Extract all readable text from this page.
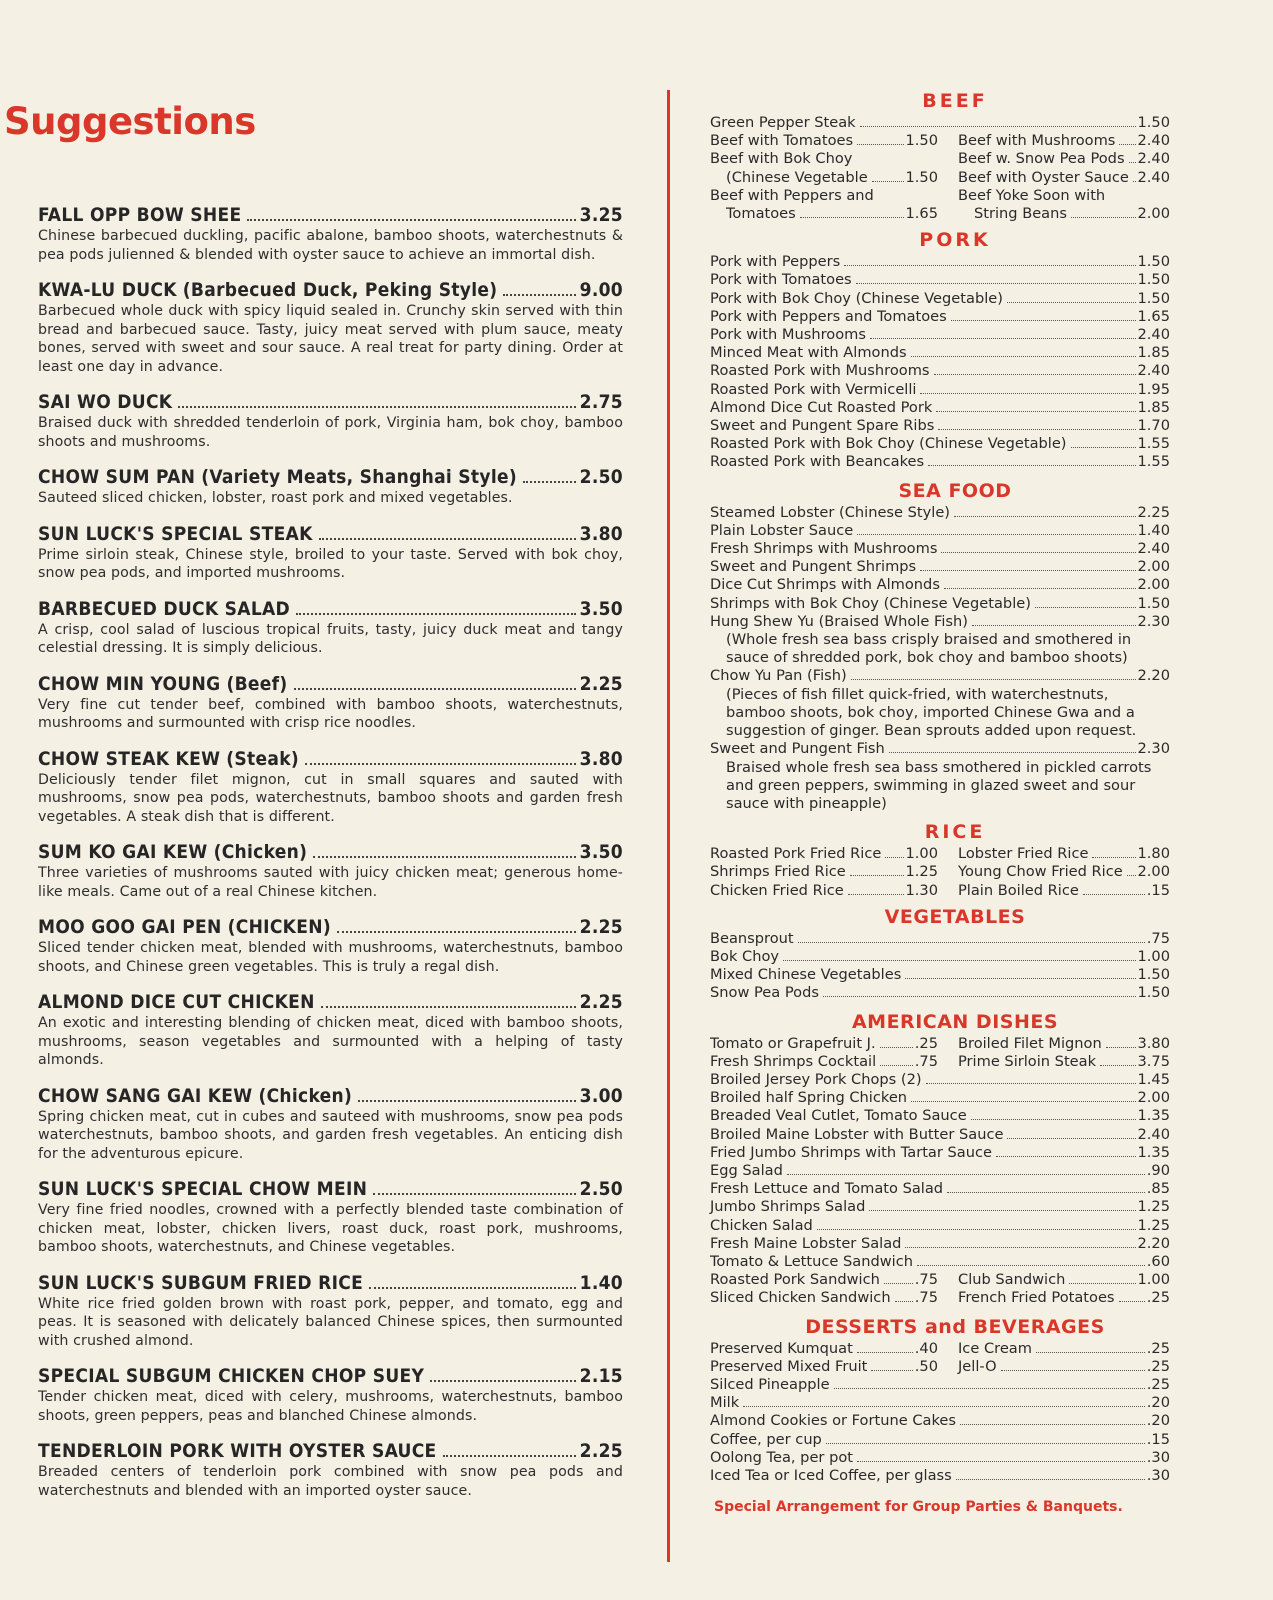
Suggestions
FALL OPP BOW SHEE	3.25
Chinese barbecued duckling, pacific abalone, bamboo shoots, waterchestnuts & pea pods julienned & blended with oyster sauce to achieve an immortal dish.
KWA-LU DUCK (Barbecued Duck, Peking Style)	9.00
Barbecued whole duck with spicy liquid sealed in. Crunchy skin served with thin bread and barbecued sauce. Tasty, juicy meat served with plum sauce, meaty bones, served with sweet and sour sauce. A real treat for party dining. Order at least one day in advance.
SAI WO DUCK	2.75
Braised duck with shredded tenderloin of pork, Virginia ham, bok choy, bamboo shoots and mushrooms.
CHOW SUM PAN (Variety Meats, Shanghai Style)	2.50
Sauteed sliced chicken, lobster, roast pork and mixed vegetables.
SUN LUCK'S SPECIAL STEAK	3.80
Prime sirloin steak, Chinese style, broiled to your taste. Served with bok choy, snow pea pods, and imported mushrooms.
BARBECUED DUCK SALAD	3.50
A crisp, cool salad of luscious tropical fruits, tasty, juicy duck meat and tangy celestial dressing. It is simply delicious.
CHOW MIN YOUNG (Beef)	2.25
Very fine cut tender beef, combined with bamboo shoots, waterchestnuts, mushrooms and surmounted with crisp rice noodles.
CHOW STEAK KEW (Steak)	3.80
Deliciously tender filet mignon, cut in small squares and sauted with mushrooms, snow pea pods, waterchestnuts, bamboo shoots and garden fresh vegetables. A steak dish that is different.
SUM KO GAI KEW (Chicken)	3.50
Three varieties of mushrooms sauted with juicy chicken meat; generous home-like meals. Came out of a real Chinese kitchen.
MOO GOO GAI PEN (CHICKEN)	2.25
Sliced tender chicken meat, blended with mushrooms, waterchestnuts, bamboo shoots, and Chinese green vegetables. This is truly a regal dish.
ALMOND DICE CUT CHICKEN	2.25
An exotic and interesting blending of chicken meat, diced with bamboo shoots, mushrooms, season vegetables and surmounted with a helping of tasty almonds.
CHOW SANG GAI KEW (Chicken)	3.00
Spring chicken meat, cut in cubes and sauteed with mushrooms, snow pea pods waterchestnuts, bamboo shoots, and garden fresh vegetables. An enticing dish for the adventurous epicure.
SUN LUCK'S SPECIAL CHOW MEIN	2.50
Very fine fried noodles, crowned with a perfectly blended taste combination of chicken meat, lobster, chicken livers, roast duck, roast pork, mushrooms, bamboo shoots, waterchestnuts, and Chinese vegetables.
SUN LUCK'S SUBGUM FRIED RICE	1.40
White rice fried golden brown with roast pork, pepper, and tomato, egg and peas. It is seasoned with delicately balanced Chinese spices, then surmounted with crushed almond.
SPECIAL SUBGUM CHICKEN CHOP SUEY	2.15
Tender chicken meat, diced with celery, mushrooms, waterchestnuts, bamboo shoots, green peppers, peas and blanched Chinese almonds.
TENDERLOIN PORK WITH OYSTER SAUCE	2.25
Breaded centers of tenderloin pork combined with snow pea pods and waterchestnuts and blended with an imported oyster sauce.
BEEF
Green Pepper Steak	1.50
Beef with Tomatoes	1.50
Beef with Bok Choy
(Chinese Vegetable	1.50
Beef with Peppers and
Tomatoes	1.65
Beef with Mushrooms 2.40
Beef w. Snow Pea Pods 2.40
Beef with Oyster Sauce 2.40
Beef Yoke Soon with
String Beans	2.00
PORK
Pork with Peppers	1.50
Pork with Tomatoes	1.50
Pork with Bok Choy (Chinese Vegetable)	1.50
Pork with Peppers and Tomatoes	1.65
Pork with Mushrooms	2.40
Minced Meat with Almonds	1.85
Roasted Pork with Mushrooms	2.40
Roasted Pork with Vermicelli	1.95
Almond Dice Cut Roasted Pork	1.85
Sweet and Pungent Spare Ribs	1.70
Roasted Pork with Bok Choy (Chinese Vegetable)	1.55
Roasted Pork with Beancakes	1.55
SEA FOOD
Steamed Lobster (Chinese Style)	2.25
Plain Lobster Sauce	1.40
Fresh Shrimps with Mushrooms	2.40
Sweet and Pungent Shrimps	2.00
Dice Cut Shrimps with Almonds	2.00
Shrimps with Bok Choy (Chinese Vegetable)	1.50
Hung Shew Yu (Braised Whole Fish)	2.30
(Whole fresh sea bass crisply braised and smothered in sauce of shredded pork, bok choy and bamboo shoots)
Chow Yu Pan (Fish)	2.20
(Pieces of fish fillet quick-fried, with waterchestnuts, bamboo shoots, bok choy, imported Chinese Gwa and a suggestion of ginger. Bean sprouts added upon request.
Sweet and Pungent Fish	2.30
Braised whole fresh sea bass smothered in pickled carrots and green peppers, swimming in glazed sweet and sour sauce with pineapple)
RICE
Roasted Pork Fried Rice 1.00
Shrimps Fried Rice	1.25
Chicken Fried Rice	1.30
Lobster Fried Rice	1.80
Young Chow Fried Rice 2.00
Plain Boiled Rice	.15
VEGETABLES
Beansprout	.75
Bok Choy	1.00
Mixed Chinese Vegetables	1.50
Snow Pea Pods	1.50
AMERICAN DISHES
Tomato or Grapefruit J.	.25
Fresh Shrimps Cocktail	.75
Broiled Filet Mignon 3.80
Prime Sirloin Steak	3.75
Broiled Jersey Pork Chops (2)	1.45
Broiled half Spring Chicken	2.00
Breaded Veal Cutlet, Tomato Sauce	1.35
Broiled Maine Lobster with Butter Sauce	2.40
Fried Jumbo Shrimps with Tartar Sauce	1.35
Egg Salad	.90
Fresh Lettuce and Tomato Salad	.85
Jumbo Shrimps Salad	1.25
Chicken Salad	1.25
Fresh Maine Lobster Salad	2.20
Tomato & Lettuce Sandwich	.60
Roasted Pork Sandwich .75
Sliced Chicken Sandwich .75
Club Sandwich	1.00
French Fried Potatoes .25
DESSERTS and BEVERAGES
Preserved Kumquat	.40
Preserved Mixed Fruit	.50
Ice Cream	.25
Jell-O	.25
Silced Pineapple	.25
Milk	.20
Almond Cookies or Fortune Cakes	.20
Coffee, per cup	.15
Oolong Tea, per pot	.30
Iced Tea or Iced Coffee, per glass	.30
Special Arrangement for Group Parties & Banquets.
